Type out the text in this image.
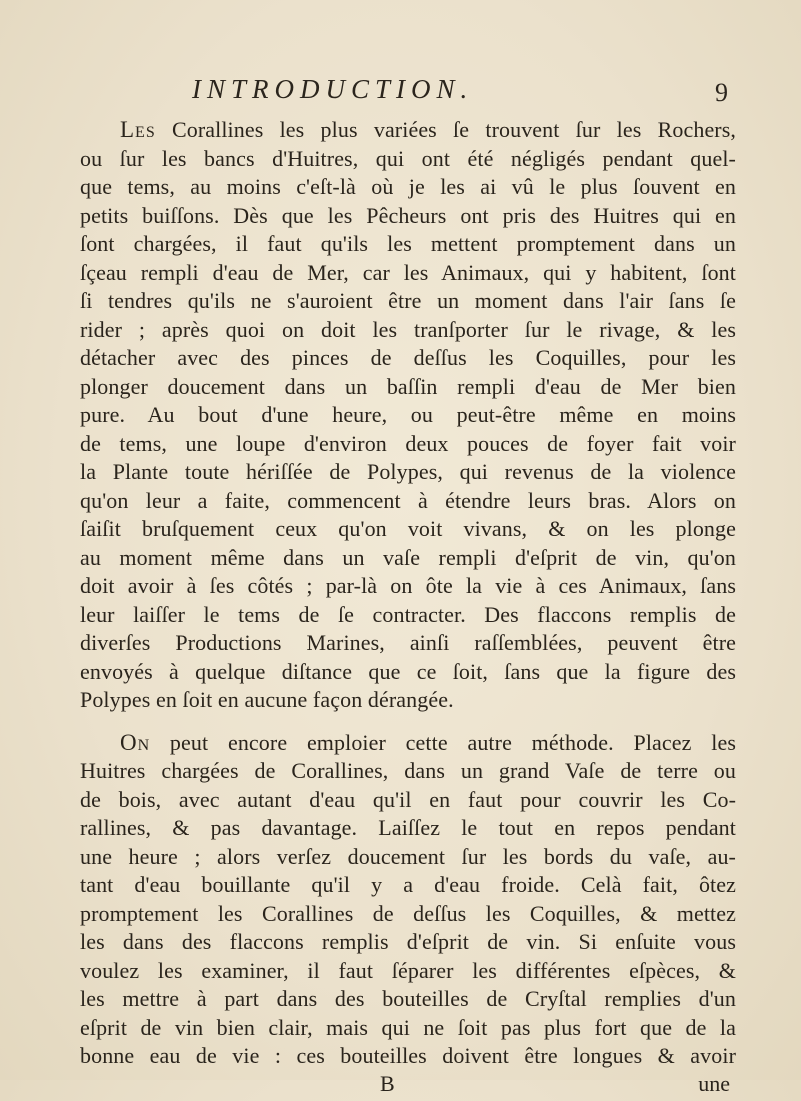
INTRODUCTION.	9
Les Corallines les plus variées ſe trouvent ſur les Rochers,
ou ſur les bancs d'Huitres, qui ont été négligés pendant quel-
que tems, au moins c'eſt-là où je les ai vû le plus ſouvent en
petits buiſſons. Dès que les Pêcheurs ont pris des Huitres qui en
ſont chargées, il faut qu'ils les mettent promptement dans un
ſçeau rempli d'eau de Mer, car les Animaux, qui y habitent, ſont
ſi tendres qu'ils ne s'auroient être un moment dans l'air ſans ſe
rider ; après quoi on doit les tranſporter ſur le rivage, & les
détacher avec des pinces de deſſus les Coquilles, pour les
plonger doucement dans un baſſin rempli d'eau de Mer bien
pure. Au bout d'une heure, ou peut-être même en moins
de tems, une loupe d'environ deux pouces de foyer fait voir
la Plante toute hériſſée de Polypes, qui revenus de la violence
qu'on leur a faite, commencent à étendre leurs bras. Alors on
ſaiſit bruſquement ceux qu'on voit vivans, & on les plonge
au moment même dans un vaſe rempli d'eſprit de vin, qu'on
doit avoir à ſes côtés ; par-là on ôte la vie à ces Animaux, ſans
leur laiſſer le tems de ſe contracter. Des flaccons remplis de
diverſes Productions Marines, ainſi raſſemblées, peuvent être
envoyés à quelque diſtance que ce ſoit, ſans que la figure des
Polypes en ſoit en aucune façon dérangée.
On peut encore emploier cette autre méthode. Placez les
Huitres chargées de Corallines, dans un grand Vaſe de terre ou
de bois, avec autant d'eau qu'il en faut pour couvrir les Co-
rallines, & pas davantage. Laiſſez le tout en repos pendant
une heure ; alors verſez doucement ſur les bords du vaſe, au-
tant d'eau bouillante qu'il y a d'eau froide. Celà fait, ôtez
promptement les Corallines de deſſus les Coquilles, & mettez
les dans des flaccons remplis d'eſprit de vin. Si enſuite vous
voulez les examiner, il faut ſéparer les différentes eſpèces, &
les mettre à part dans des bouteilles de Cryſtal remplies d'un
eſprit de vin bien clair, mais qui ne ſoit pas plus fort que de la
bonne eau de vie : ces bouteilles doivent être longues & avoir
B	une
